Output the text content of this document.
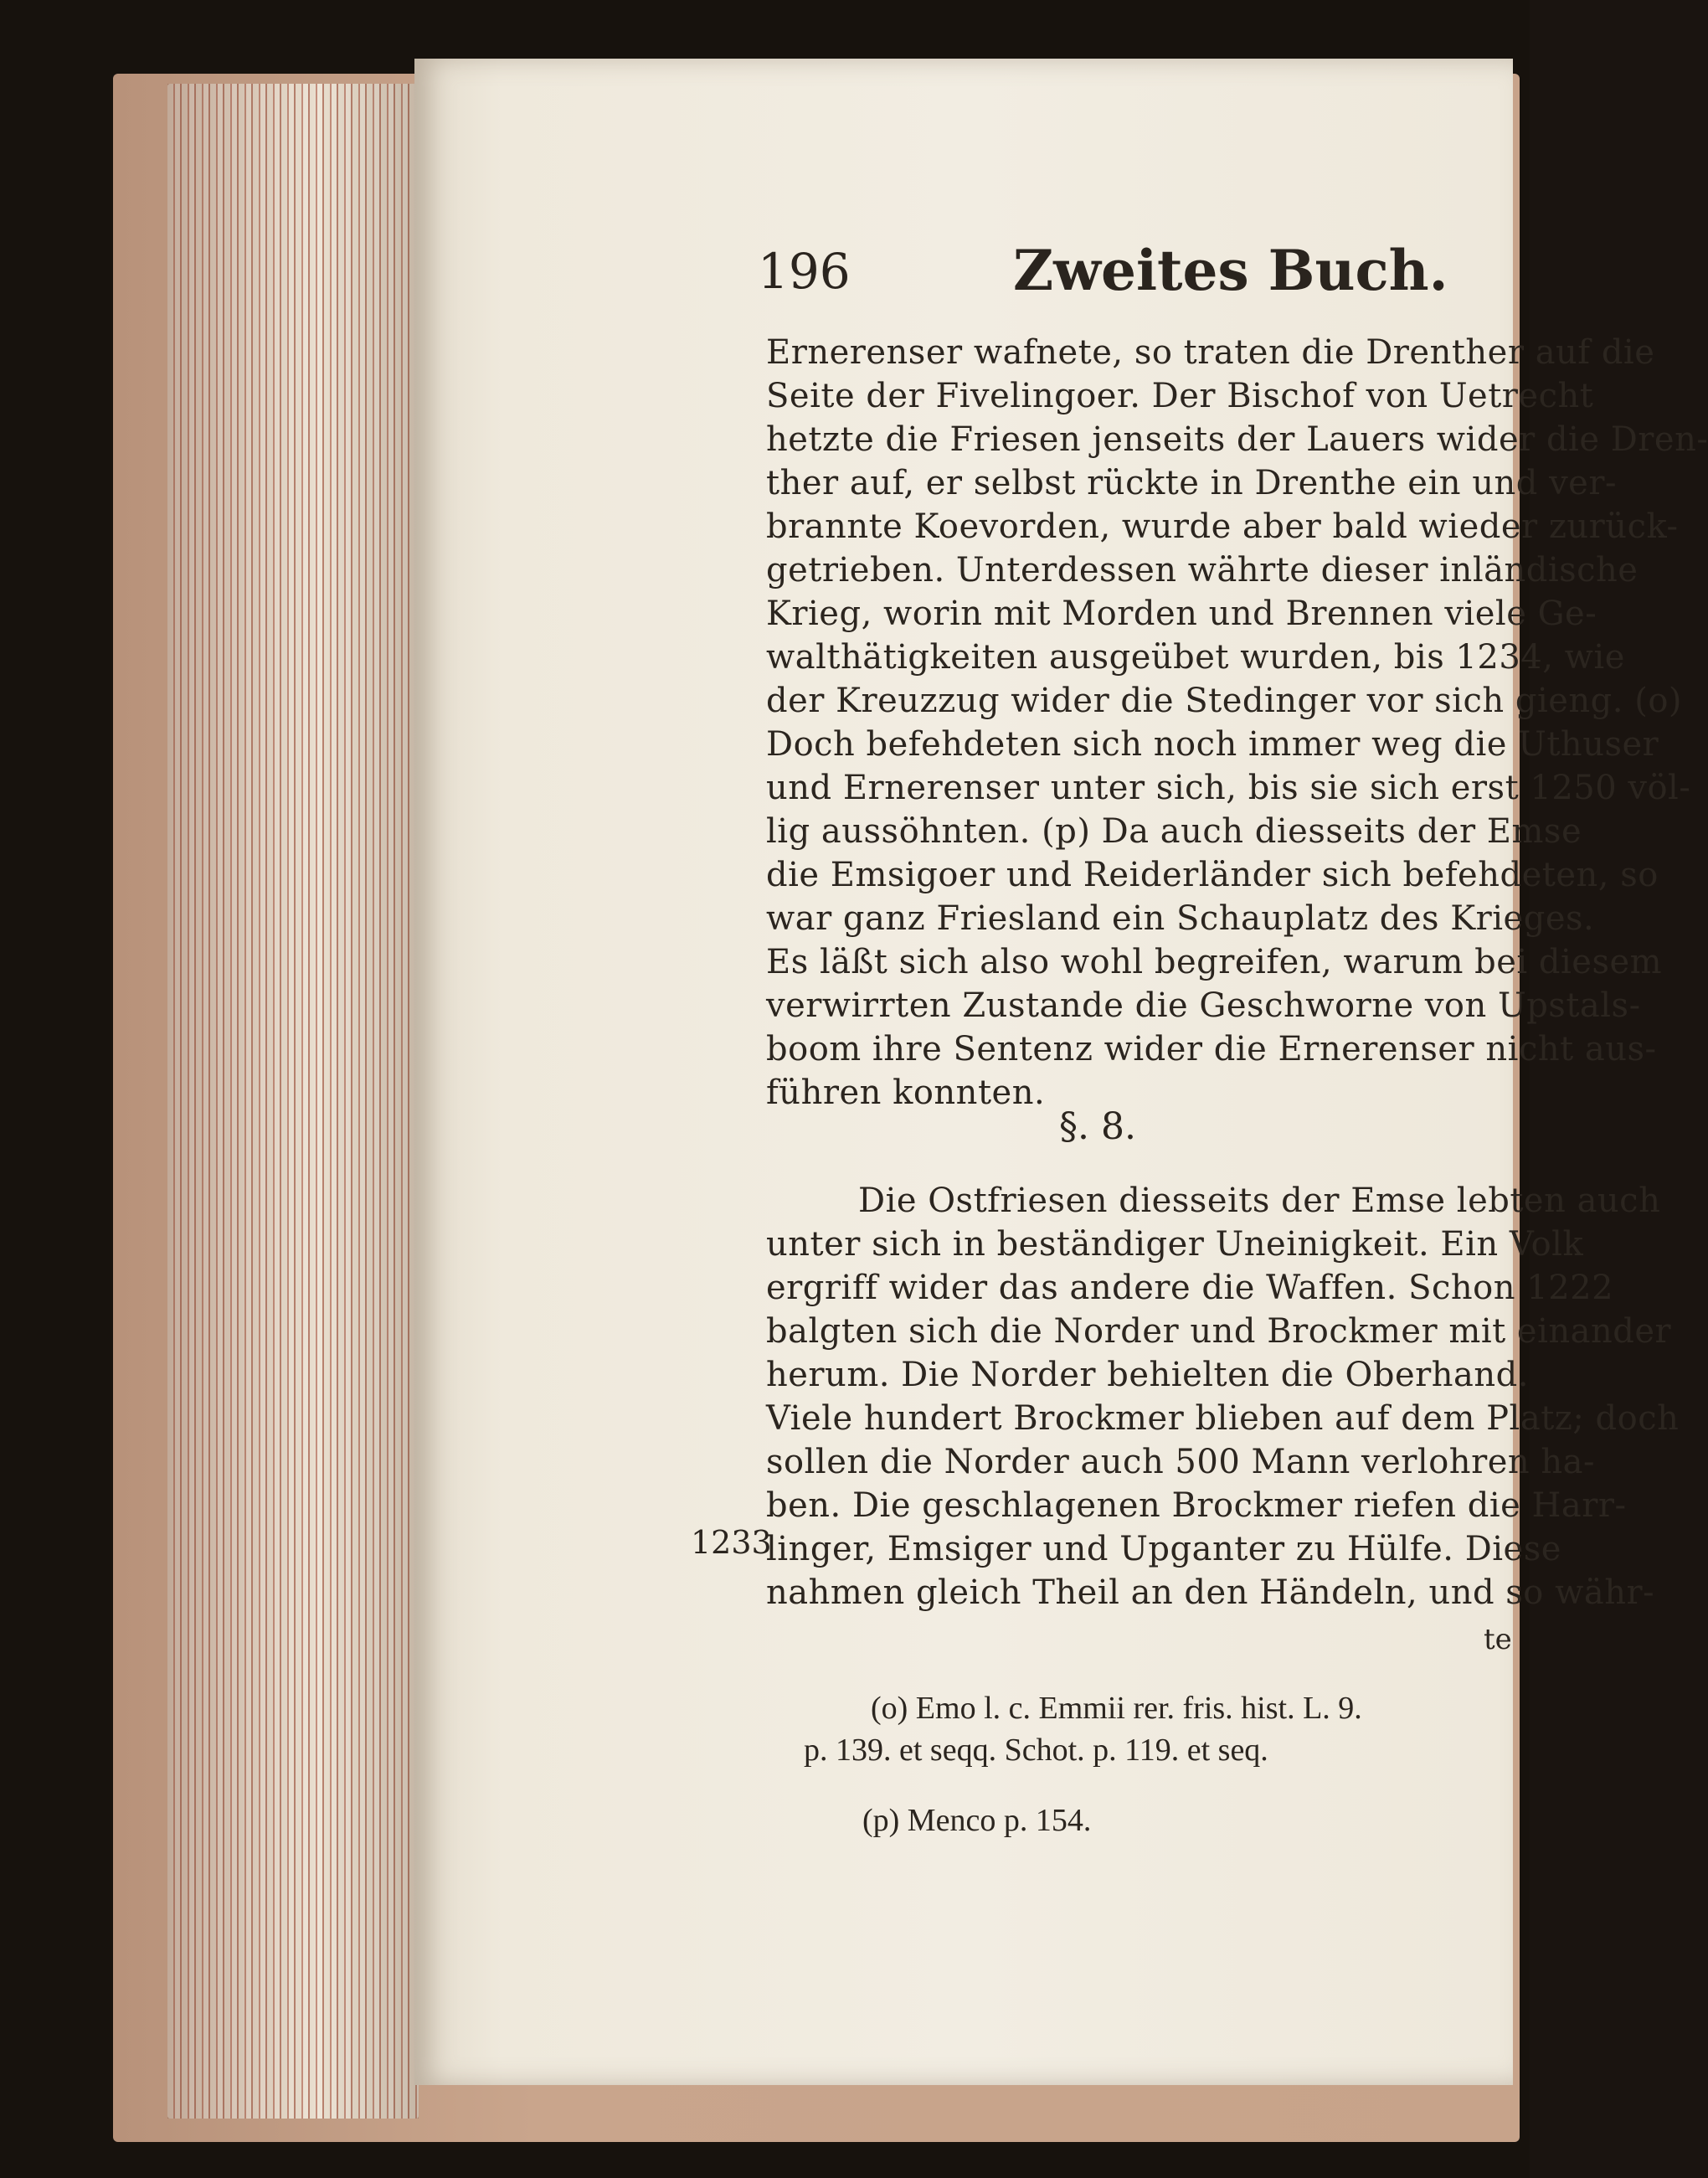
196	Zweites Buch.
Ernerenser wafnete, so traten die Drenther auf die
Seite der Fivelingoer. Der Bischof von Uetrecht
hetzte die Friesen jenseits der Lauers wider die Dren-
ther auf, er selbst rückte in Drenthe ein und ver-
brannte Koevorden, wurde aber bald wieder zurück-
getrieben. Unterdessen währte dieser inländische
Krieg, worin mit Morden und Brennen viele Ge-
walthätigkeiten ausgeübet wurden, bis 1234, wie
der Kreuzzug wider die Stedinger vor sich gieng. (o)
Doch befehdeten sich noch immer weg die Uthuser
und Ernerenser unter sich, bis sie sich erst 1250 völ-
lig aussöhnten. (p) Da auch diesseits der Emse
die Emsigoer und Reiderländer sich befehdeten, so
war ganz Friesland ein Schauplatz des Krieges.
Es läßt sich also wohl begreifen, warum bei diesem
verwirrten Zustande die Geschworne von Upstals-
boom ihre Sentenz wider die Ernerenser nicht aus-
führen konnten.
§. 8.
Die Ostfriesen diesseits der Emse lebten auch
unter sich in beständiger Uneinigkeit. Ein Volk
ergriff wider das andere die Waffen. Schon 1222
balgten sich die Norder und Brockmer mit einander
herum. Die Norder behielten die Oberhand.
Viele hundert Brockmer blieben auf dem Platz; doch
sollen die Norder auch 500 Mann verlohren ha-
ben. Die geschlagenen Brockmer riefen die Harr-
linger, Emsiger und Upganter zu Hülfe. Diese
nahmen gleich Theil an den Händeln, und so währ-
1233
te
(o) Emo l. c. Emmii rer. fris. hist. L. 9.
p. 139. et seqq. Schot. p. 119. et seq.
(p) Menco p. 154.
